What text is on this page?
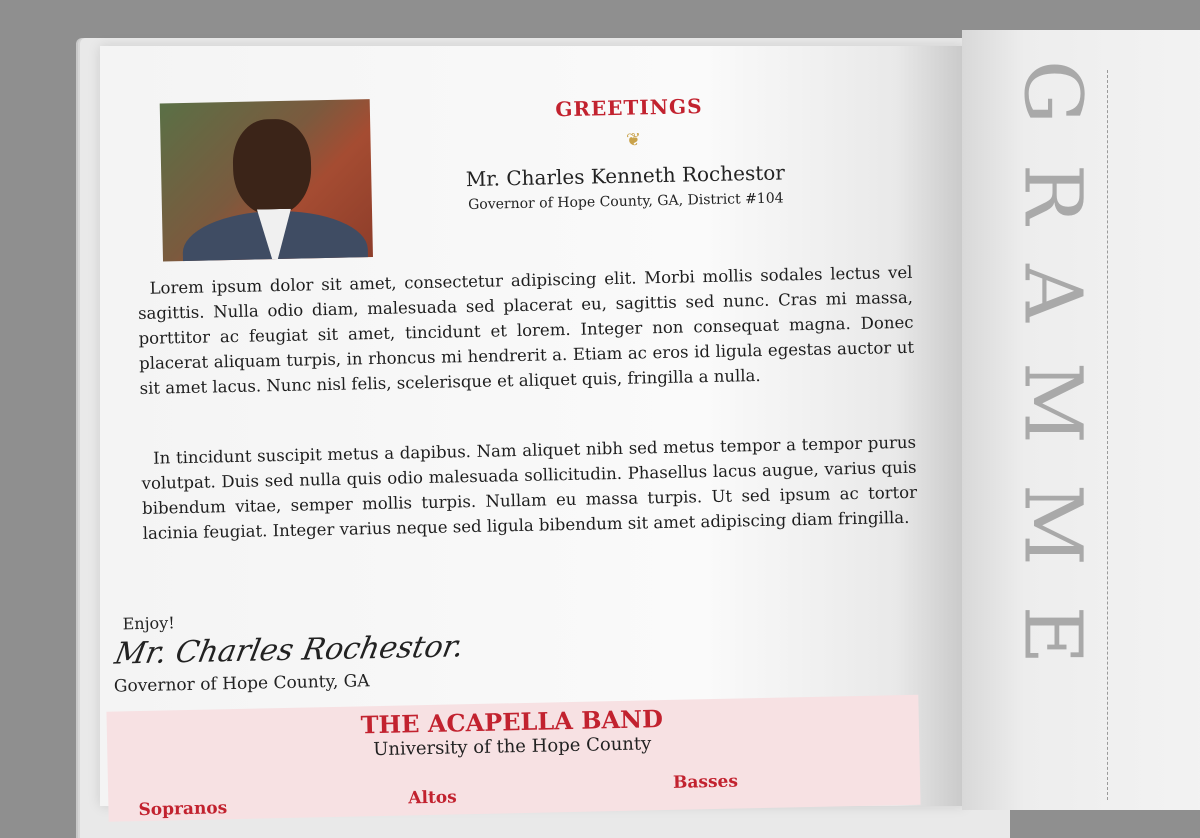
GRAMME
GREETINGS
❦
Mr. Charles Kenneth Rochestor
Governor of Hope County, GA, District #104
Lorem ipsum dolor sit amet, consectetur adipiscing elit. Morbi mollis sodales lectus vel sagittis. Nulla odio diam, malesuada sed placerat eu, sagittis sed nunc. Cras mi massa, porttitor ac feugiat sit amet, tincidunt et lorem. Integer non consequat magna. Donec placerat aliquam turpis, in rhoncus mi hendrerit a. Etiam ac eros id ligula egestas auctor ut sit amet lacus. Nunc nisl felis, scelerisque et aliquet quis, fringilla a nulla.
In tincidunt suscipit metus a dapibus. Nam aliquet nibh sed metus tempor a tempor purus volutpat. Duis sed nulla quis odio malesuada sollicitudin. Phasellus lacus augue, varius quis bibendum vitae, semper mollis turpis. Nullam eu massa turpis. Ut sed ipsum ac tortor lacinia feugiat. Integer varius neque sed ligula bibendum sit amet adipiscing diam fringilla.
Enjoy!
Mr. Charles Rochestor.
Governor of Hope County, GA
THE ACAPELLA BAND
University of the Hope County
Sopranos
Altos
Basses
